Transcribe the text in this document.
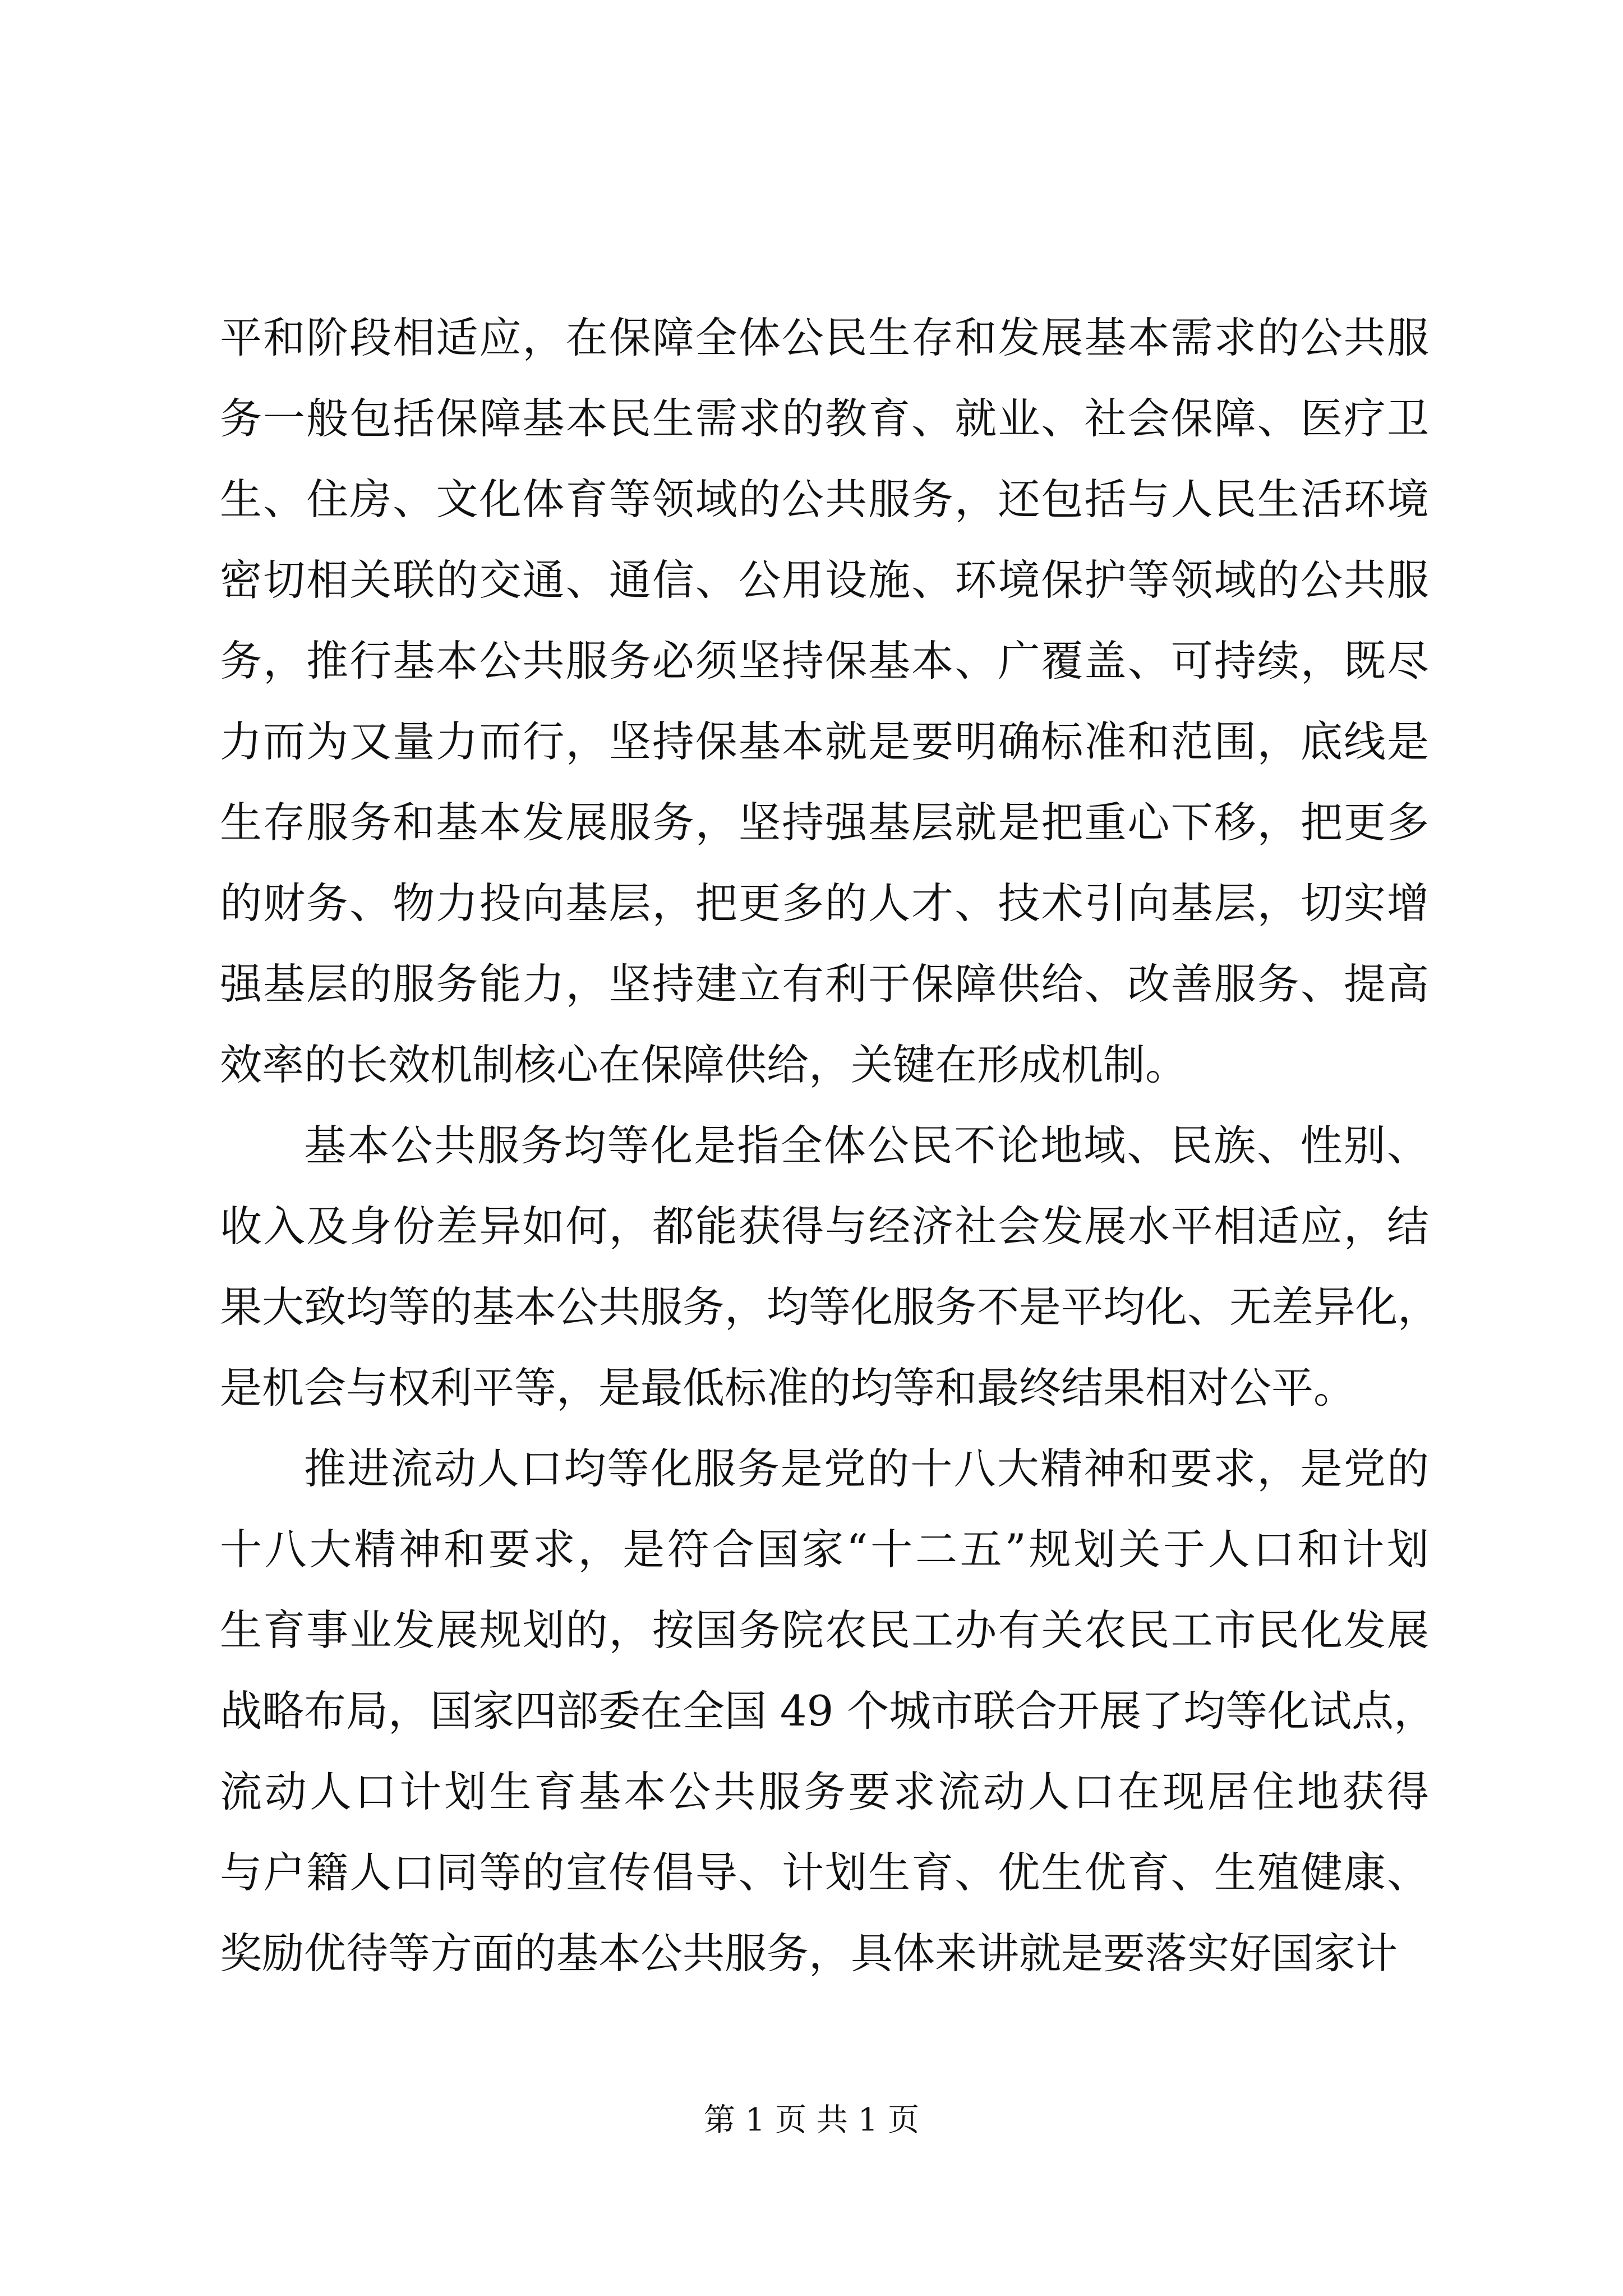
平和阶段相适应，在保障全体公民生存和发展基本需求的公共服
务一般包括保障基本民生需求的教育、就业、社会保障、医疗卫
生、住房、文化体育等领域的公共服务，还包括与人民生活环境
密切相关联的交通、通信、公用设施、环境保护等领域的公共服
务，推行基本公共服务必须坚持保基本、广覆盖、可持续，既尽
力而为又量力而行，坚持保基本就是要明确标准和范围，底线是
生存服务和基本发展服务，坚持强基层就是把重心下移，把更多
的财务、物力投向基层，把更多的人才、技术引向基层，切实增
强基层的服务能力，坚持建立有利于保障供给、改善服务、提高
效率的长效机制核心在保障供给，关键在形成机制。
基本公共服务均等化是指全体公民不论地域、民族、性别、
收入及身份差异如何，都能获得与经济社会发展水平相适应，结
果大致均等的基本公共服务，均等化服务不是平均化、无差异化，
是机会与权利平等，是最低标准的均等和最终结果相对公平。
推进流动人口均等化服务是党的十八大精神和要求，是党的
十八大精神和要求，是符合国家“十二五”规划关于人口和计划
生育事业发展规划的，按国务院农民工办有关农民工市民化发展
战略布局，国家四部委在全国 49 个城市联合开展了均等化试点，
流动人口计划生育基本公共服务要求流动人口在现居住地获得
与户籍人口同等的宣传倡导、计划生育、优生优育、生殖健康、
奖励优待等方面的基本公共服务，具体来讲就是要落实好国家计
第 1 页 共 1 页
